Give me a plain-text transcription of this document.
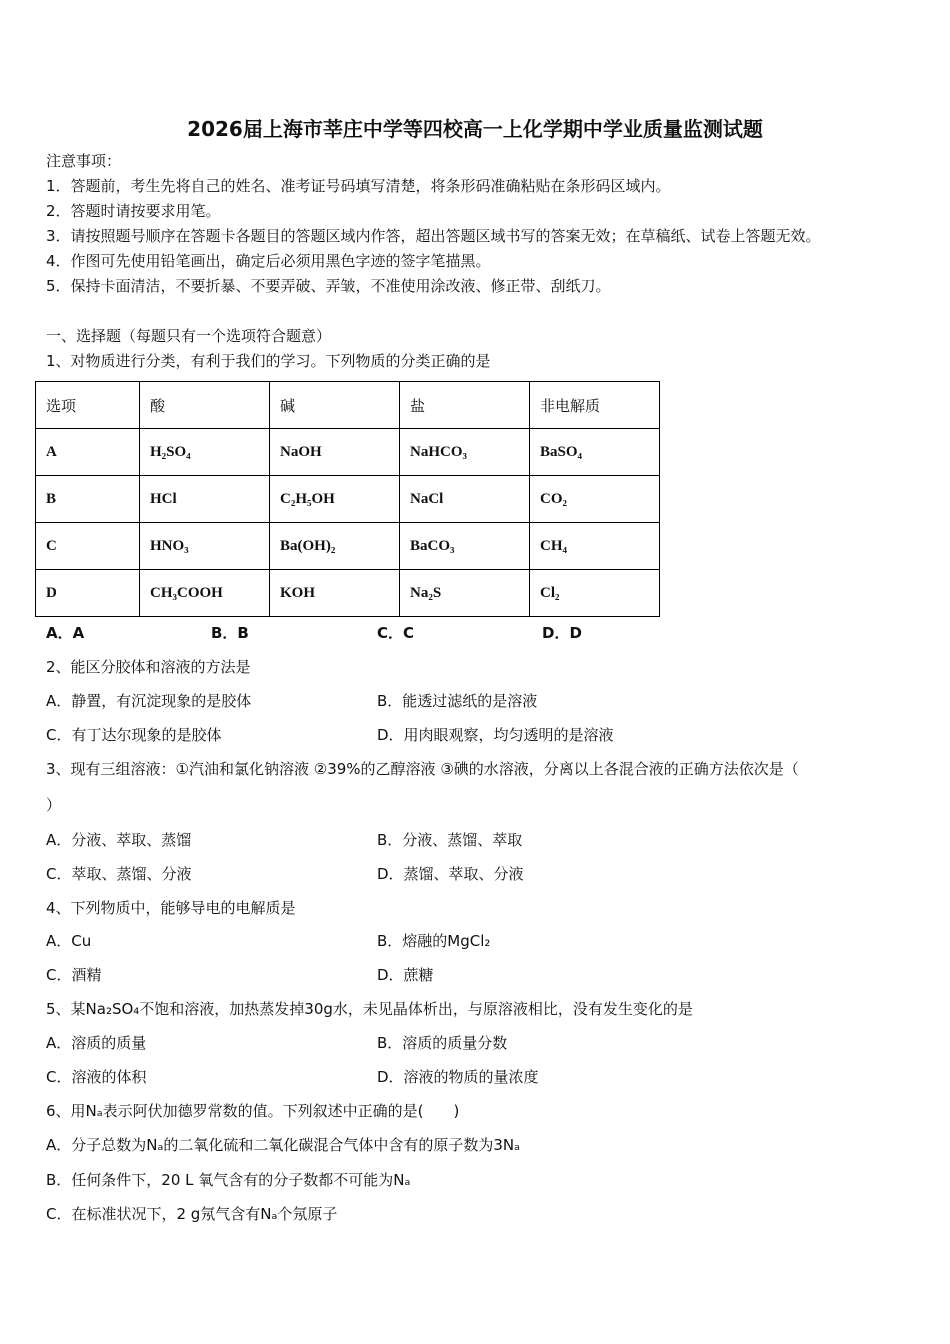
2026届上海市莘庄中学等四校高一上化学期中学业质量监测试题
注意事项：
1．答题前，考生先将自己的姓名、准考证号码填写清楚，将条形码准确粘贴在条形码区域内。
2．答题时请按要求用笔。
3．请按照题号顺序在答题卡各题目的答题区域内作答，超出答题区域书写的答案无效；在草稿纸、试卷上答题无效。
4．作图可先使用铅笔画出，确定后必须用黑色字迹的签字笔描黑。
5．保持卡面清洁，不要折暴、不要弄破、弄皱，不准使用涂改液、修正带、刮纸刀。
一、选择题（每题只有一个选项符合题意）
1、对物质进行分类，有利于我们的学习。下列物质的分类正确的是
选项	酸	碱	盐	非电解质
A	H₂SO₄	NaOH	NaHCO₃	BaSO₄
B	HCl	C₂H₅OH	NaCl	CO₂
C	HNO₃	Ba(OH)₂	BaCO₃	CH₄
D	CH₃COOH	KOH	Na₂S	Cl₂
A．A	B．B	C．C	D．D
2、能区分胶体和溶液的方法是
A．静置，有沉淀现象的是胶体	B．能透过滤纸的是溶液
C．有丁达尔现象的是胶体	D．用肉眼观察，均匀透明的是溶液
3、现有三组溶液：①汽油和氯化钠溶液 ②39%的乙醇溶液 ③碘的水溶液，分离以上各混合液的正确方法依次是（
）
A．分液、萃取、蒸馏	B．分液、蒸馏、萃取
C．萃取、蒸馏、分液	D．蒸馏、萃取、分液
4、下列物质中，能够导电的电解质是
A．Cu	B．熔融的MgCl₂
C．酒精	D．蔗糖
5、某Na₂SO₄不饱和溶液，加热蒸发掉30g水，未见晶体析出，与原溶液相比，没有发生变化的是
A．溶质的质量	B．溶质的质量分数
C．溶液的体积	D．溶液的物质的量浓度
6、用Nₐ表示阿伏加德罗常数的值。下列叙述中正确的是(　　)
A．分子总数为Nₐ的二氧化硫和二氧化碳混合气体中含有的原子数为3Nₐ
B．任何条件下，20 L 氧气含有的分子数都不可能为Nₐ
C．在标准状况下，2 g氖气含有Nₐ个氖原子
